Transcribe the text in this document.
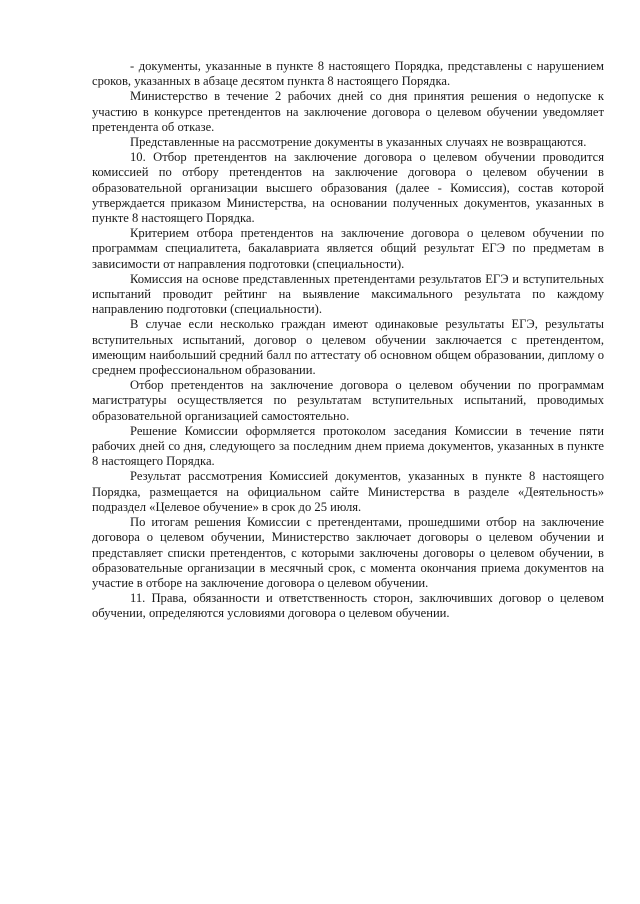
- документы, указанные в пункте 8 настоящего Порядка, представлены с нарушением сроков, указанных в абзаце десятом пункта 8 настоящего Порядка.

Министерство в течение 2 рабочих дней со дня принятия решения о недопуске к участию в конкурсе претендентов на заключение договора о целевом обучении уведомляет претендента об отказе.

Представленные на рассмотрение документы в указанных случаях не возвращаются.

10. Отбор претендентов на заключение договора о целевом обучении проводится комиссией по отбору претендентов на заключение договора о целевом обучении в образовательной организации высшего образования (далее - Комиссия), состав которой утверждается приказом Министерства, на основании полученных документов, указанных в пункте 8 настоящего Порядка.

Критерием отбора претендентов на заключение договора о целевом обучении по программам специалитета, бакалавриата является общий результат ЕГЭ по предметам в зависимости от направления подготовки (специальности).

Комиссия на основе представленных претендентами результатов ЕГЭ и вступительных испытаний проводит рейтинг на выявление максимального результата по каждому направлению подготовки (специальности).

В случае если несколько граждан имеют одинаковые результаты ЕГЭ, результаты вступительных испытаний, договор о целевом обучении заключается с претендентом, имеющим наибольший средний балл по аттестату об основном общем образовании, диплому о среднем профессиональном образовании.

Отбор претендентов на заключение договора о целевом обучении по программам магистратуры осуществляется по результатам вступительных испытаний, проводимых образовательной организацией самостоятельно.

Решение Комиссии оформляется протоколом заседания Комиссии в течение пяти рабочих дней со дня, следующего за последним днем приема документов, указанных в пункте 8 настоящего Порядка.

Результат рассмотрения Комиссией документов, указанных в пункте 8 настоящего Порядка, размещается на официальном сайте Министерства в разделе «Деятельность» подраздел «Целевое обучение» в срок до 25 июля.

По итогам решения Комиссии с претендентами, прошедшими отбор на заключение договора о целевом обучении, Министерство заключает договоры о целевом обучении и представляет списки претендентов, с которыми заключены договоры о целевом обучении, в образовательные организации в месячный срок, с момента окончания приема документов на участие в отборе на заключение договора о целевом обучении.

11. Права, обязанности и ответственность сторон, заключивших договор о целевом обучении, определяются условиями договора о целевом обучении.
